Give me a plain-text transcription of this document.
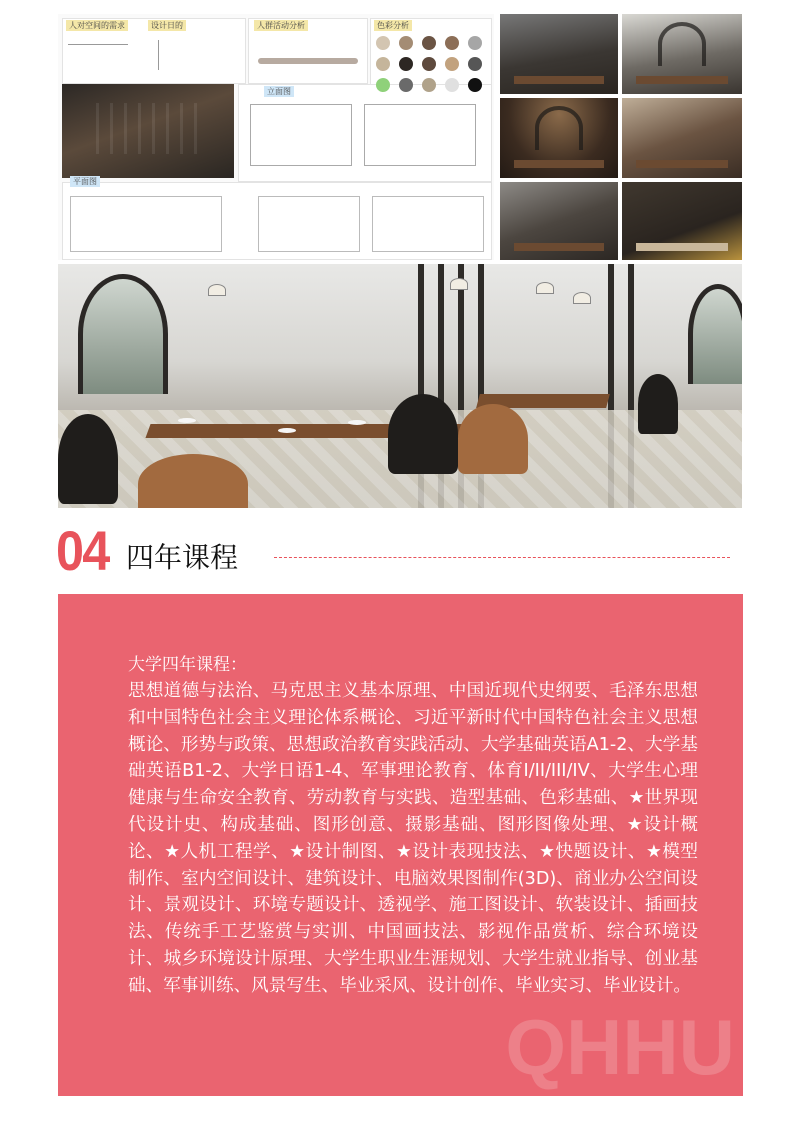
人对空间的需求	设计日的	人群活动分析	色彩分析
立面图
平面图
04 四年课程
QHHU
大学四年课程：
思想道德与法治、马克思主义基本原理、中国近现代史纲要、毛泽东思想和中国特色社会主义理论体系概论、习近平新时代中国特色社会主义思想概论、形势与政策、思想政治教育实践活动、大学基础英语A1-2、大学基础英语B1-2、大学日语1-4、军事理论教育、体育I/II/III/IV、大学生心理健康与生命安全教育、劳动教育与实践、造型基础、色彩基础、★世界现代设计史、构成基础、图形创意、摄影基础、图形图像处理、★设计概论、★人机工程学、★设计制图、★设计表现技法、★快题设计、★模型制作、室内空间设计、建筑设计、电脑效果图制作(3D)、商业办公空间设计、景观设计、环境专题设计、透视学、施工图设计、软装设计、插画技法、传统手工艺鉴赏与实训、中国画技法、影视作品赏析、综合环境设计、城乡环境设计原理、大学生职业生涯规划、大学生就业指导、创业基础、军事训练、风景写生、毕业采风、设计创作、毕业实习、毕业设计。
